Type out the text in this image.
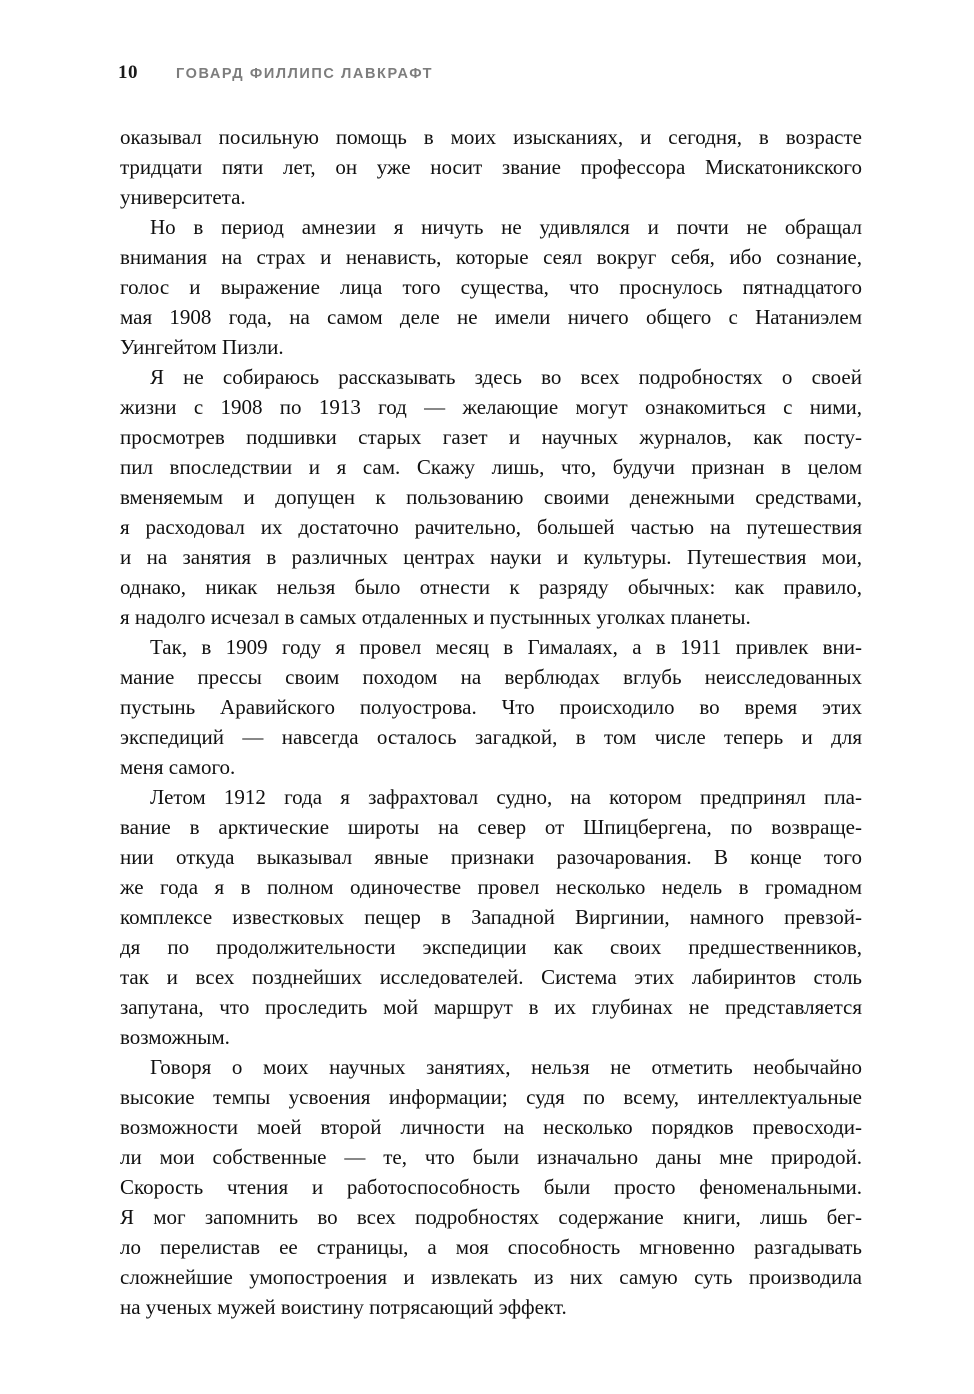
10	ГОВАРД ФИЛЛИПС ЛАВКРАФТ
оказывал посильную помощь в моих изысканиях, и сегодня, в возрасте
тридцати пяти лет, он уже носит звание профессора Мискатоникского
университета.
Но в период амнезии я ничуть не удивлялся и почти не обращал
внимания на страх и ненависть, которые сеял вокруг себя, ибо сознание,
голос и выражение лица того существа, что проснулось пятнадцатого
мая 1908 года, на самом деле не имели ничего общего с Натаниэлем
Уингейтом Пизли.
Я не собираюсь рассказывать здесь во всех подробностях о своей
жизни с 1908 по 1913 год — желающие могут ознакомиться с ними,
просмотрев подшивки старых газет и научных журналов, как посту-
пил впоследствии и я сам. Скажу лишь, что, будучи признан в целом
вменяемым и допущен к пользованию своими денежными средствами,
я расходовал их достаточно рачительно, большей частью на путешествия
и на занятия в различных центрах науки и культуры. Путешествия мои,
однако, никак нельзя было отнести к разряду обычных: как правило,
я надолго исчезал в самых отдаленных и пустынных уголках планеты.
Так, в 1909 году я провел месяц в Гималаях, а в 1911 привлек вни-
мание прессы своим походом на верблюдах вглубь неисследованных
пустынь Аравийского полуострова. Что происходило во время этих
экспедиций — навсегда осталось загадкой, в том числе теперь и для
меня самого.
Летом 1912 года я зафрахтовал судно, на котором предпринял пла-
вание в арктические широты на север от Шпицбергена, по возвраще-
нии откуда выказывал явные признаки разочарования. В конце того
же года я в полном одиночестве провел несколько недель в громадном
комплексе известковых пещер в Западной Виргинии, намного превзой-
дя по продолжительности экспедиции как своих предшественников,
так и всех позднейших исследователей. Система этих лабиринтов столь
запутана, что проследить мой маршрут в их глубинах не представляется
возможным.
Говоря о моих научных занятиях, нельзя не отметить необычайно
высокие темпы усвоения информации; судя по всему, интеллектуальные
возможности моей второй личности на несколько порядков превосходи-
ли мои собственные — те, что были изначально даны мне природой.
Скорость чтения и работоспособность были просто феноменальными.
Я мог запомнить во всех подробностях содержание книги, лишь бег-
ло перелистав ее страницы, а моя способность мгновенно разгадывать
сложнейшие умопостроения и извлекать из них самую суть производила
на ученых мужей воистину потрясающий эффект.
